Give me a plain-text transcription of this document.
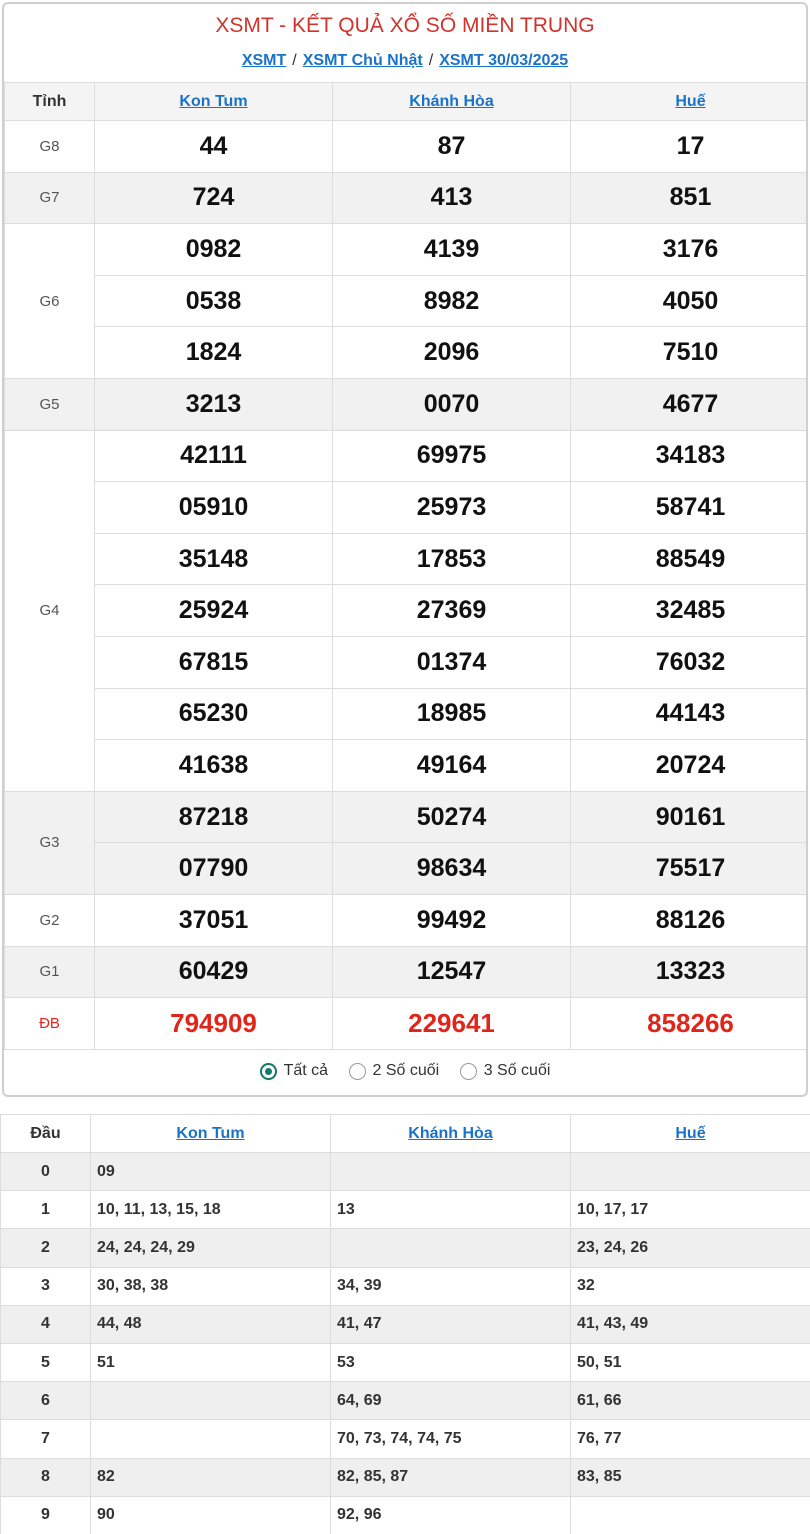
XSMT - KẾT QUẢ XỔ SỐ MIỀN TRUNG
XSMT / XSMT Chủ Nhật / XSMT 30/03/2025
Tỉnh	Kon Tum	Khánh Hòa	Huế
G8	44	87	17
G7	724	413	851
G6	0982	4139	3176
	0538	8982	4050
	1824	2096	7510
G5	3213	0070	4677
G4	42111	69975	34183
	05910	25973	58741
	35148	17853	88549
	25924	27369	32485
	67815	01374	76032
	65230	18985	44143
	41638	49164	20724
G3	87218	50274	90161
	07790	98634	75517
G2	37051	99492	88126
G1	60429	12547	13323
ĐB	794909	229641	858266
Tất cả
	2 Số cuối
	3 Số cuối
Đầu	Kon Tum	Khánh Hòa	Huế
0	09		
1	10, 11, 13, 15, 18	13	10, 17, 17
2	24, 24, 24, 29		23, 24, 26
3	30, 38, 38	34, 39	32
4	44, 48	41, 47	41, 43, 49
5	51	53	50, 51
6		64, 69	61, 66
7		70, 73, 74, 74, 75	76, 77
8	82	82, 85, 87	83, 85
9	90	92, 96	
